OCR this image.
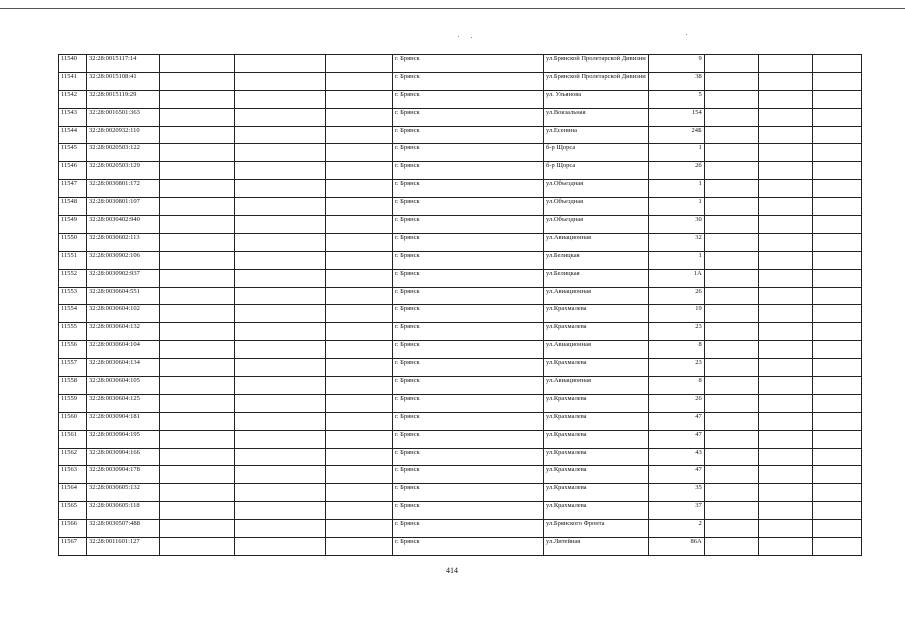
11540	32:28:0015117:14				г. Брянск	ул.Брянской Пролетарской Дивизии	9			
11541	32:28:0015108:41				г. Брянск	ул.Брянской Пролетарской Дивизии	38			
11542	32:28:0015119:29				г. Брянск	ул. Ульянова	5			
11543	32:28:0016501:363				г. Брянск	ул.Вокзальная	154			
11544	32:28:0020932:110				г. Брянск	ул.Есенина	24Б			
11545	32:28:0020503:122				г. Брянск	б-р Щорса	1			
11546	32:28:0020503:129				г. Брянск	б-р Щорса	2б			
11547	32:28:0030801:172				г. Брянск	ул.Объездная	1			
11548	32:28:0030801:107				г. Брянск	ул.Объездная	1			
11549	32:28:0030402:940				г. Брянск	ул.Объездная	30			
11550	32:28:0030602:113				г. Брянск	ул.Авиационная	32			
11551	32:28:0030902:106				г. Брянск	ул.Белицкая	1			
11552	32:28:0030902:937				г. Брянск	ул.Белицкая	1А			
11553	32:28:0030604:551				г. Брянск	ул.Авиационная	26			
11554	32:28:0030604:102				г. Брянск	ул.Крахмалева	19			
11555	32:28:0030604:132				г. Брянск	ул.Крахмалева	23			
11556	32:28:0030604:104				г. Брянск	ул.Авиационная	8			
11557	32:28:0030604:134				г. Брянск	ул.Крахмалева	23			
11558	32:28:0030604:105				г. Брянск	ул.Авиационная	8			
11559	32:28:0030604:125				г. Брянск	ул.Крахмалева	26			
11560	32:28:0030904:181				г. Брянск	ул.Крахмалева	47			
11561	32:28:0030904:195				г. Брянск	ул.Крахмалева	47			
11562	32:28:0030904:166				г. Брянск	ул.Крахмалева	43			
11563	32:28:0030904:178				г. Брянск	ул.Крахмалева	47			
11564	32:28:0030605:132				г. Брянск	ул.Крахмалева	35			
11565	32:28:0030605:118				г. Брянск	ул.Крахмалева	37			
11566	32:28:0030507:488				г. Брянск	ул.Брянского Фронта	2			
11567	32:28:0011601:127				г. Брянск	ул.Литейная	86А			
414
